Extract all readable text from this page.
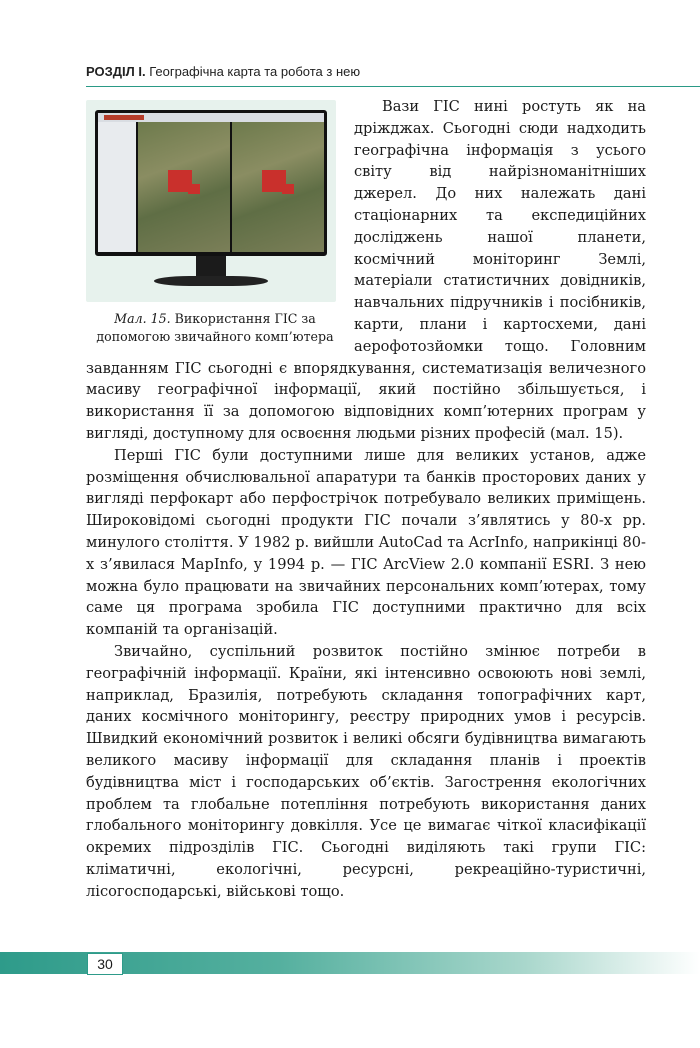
РОЗДІЛ І. Географічна карта та робота з нею
Мал. 15. Використання ГІС за допомогою звичайного комп’ютера

Вази ГІС нині ростуть як на дріжджах. Сьогодні сюди надходить географічна інформація з усього світу від найрізноманітніших джерел. До них належать дані стаціонарних та експедиційних досліджень нашої планети, космічний моніторинг Землі, матеріали статистичних довідників, навчальних підручників і посібників, карти, плани і картосхеми, дані аерофотозйомки тощо. Головним завданням ГІС сьогодні є впорядкування, систематизація величезного масиву географічної інформації, який постійно збільшується, і використання її за допомогою відповідних комп’ютерних програм у вигляді, доступному для освоєння людьми різних професій (мал. 15).

Перші ГІС були доступними лише для великих установ, адже розміщення обчислювальної апаратури та банків просторових даних у вигляді перфокарт або перфострічок потребувало великих приміщень. Широковідомі сьогодні продукти ГІС почали з’являтись у 80-х рр. минулого століття. У 1982 р. вийшли AutoCad та AcrInfo, наприкінці 80-х з’явилася MapInfo, у 1994 р. — ГІС ArcView 2.0 компанії ESRI. З нею можна було працювати на звичайних персональних комп’ютерах, тому саме ця програма зробила ГІС доступними практично для всіх компаній та організацій.

Звичайно, суспільний розвиток постійно змінює потреби в географічній інформації. Країни, які інтенсивно освоюють нові землі, наприклад, Бразилія, потребують складання топографічних карт, даних космічного моніторингу, реєстру природних умов і ресурсів. Швидкий економічний розвиток і великі обсяги будівництва вимагають великого масиву інформації для складання планів і проектів будівництва міст і господарських об’єктів. Загострення екологічних проблем та глобальне потепління потребують використання даних глобального моніторингу довкілля. Усе це вимагає чіткої класифікації окремих підрозділів ГІС. Сьогодні виділяють такі групи ГІС: кліматичні, екологічні, ресурсні, рекреаційно-туристичні, лісогосподарські, військові тощо.

30
